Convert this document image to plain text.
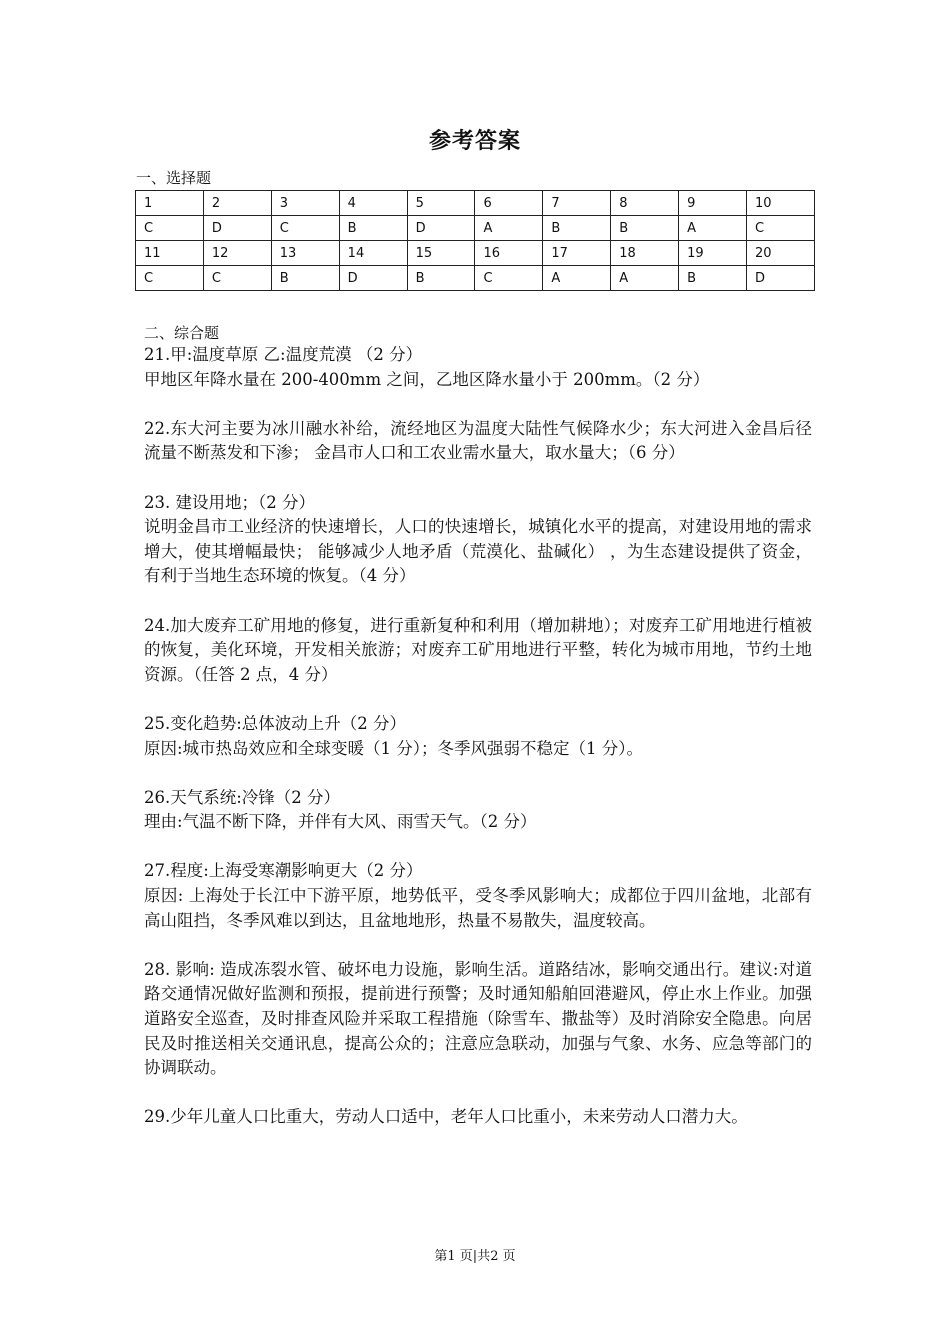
参考答案
一、选择题
1	2	3	4	5	6	7	8	9	10
C	D	C	B	D	A	B	B	A	C
11	12	13	14	15	16	17	18	19	20
C	C	B	D	B	C	A	A	B	D
二、综合题

21.甲:温度草原 乙:温度荒漠 （2 分）

甲地区年降水量在 200-400mm 之间，乙地区降水量小于 200mm。（2 分）

22.东大河主要为冰川融水补给，流经地区为温度大陆性气候降水少；东大河进入金昌后径流量不断蒸发和下渗； 金昌市人口和工农业需水量大，取水量大；（6 分）

23. 建设用地；（2 分）

说明金昌市工业经济的快速增长，人口的快速增长，城镇化水平的提高，对建设用地的需求增大，使其增幅最快； 能够减少人地矛盾（荒漠化、盐碱化） ，为生态建设提供了资金，有利于当地生态环境的恢复。（4 分）

24.加大废弃工矿用地的修复，进行重新复种和利用（增加耕地）；对废弃工矿用地进行植被的恢复，美化环境，开发相关旅游；对废弃工矿用地进行平整，转化为城市用地，节约土地资源。（任答 2 点，4 分）

25.变化趋势:总体波动上升（2 分）

原因:城市热岛效应和全球变暖（1 分）；冬季风强弱不稳定（1 分）。

26.天气系统:冷锋（2 分）

理由:气温不断下降，并伴有大风、雨雪天气。（2 分）

27.程度:上海受寒潮影响更大（2 分）

原因: 上海处于长江中下游平原，地势低平，受冬季风影响大；成都位于四川盆地，北部有高山阻挡，冬季风难以到达，且盆地地形，热量不易散失，温度较高。

28. 影响: 造成冻裂水管、破坏电力设施，影响生活。道路结冰，影响交通出行。建议:对道路交通情况做好监测和预报，提前进行预警；及时通知船舶回港避风，停止水上作业。加强道路安全巡查，及时排查风险并采取工程措施（除雪车、撒盐等）及时消除安全隐患。向居民及时推送相关交通讯息，提高公众的；注意应急联动，加强与气象、水务、应急等部门的协调联动。

29.少年儿童人口比重大，劳动人口适中，老年人口比重小，未来劳动人口潜力大。

第1 页|共2 页
